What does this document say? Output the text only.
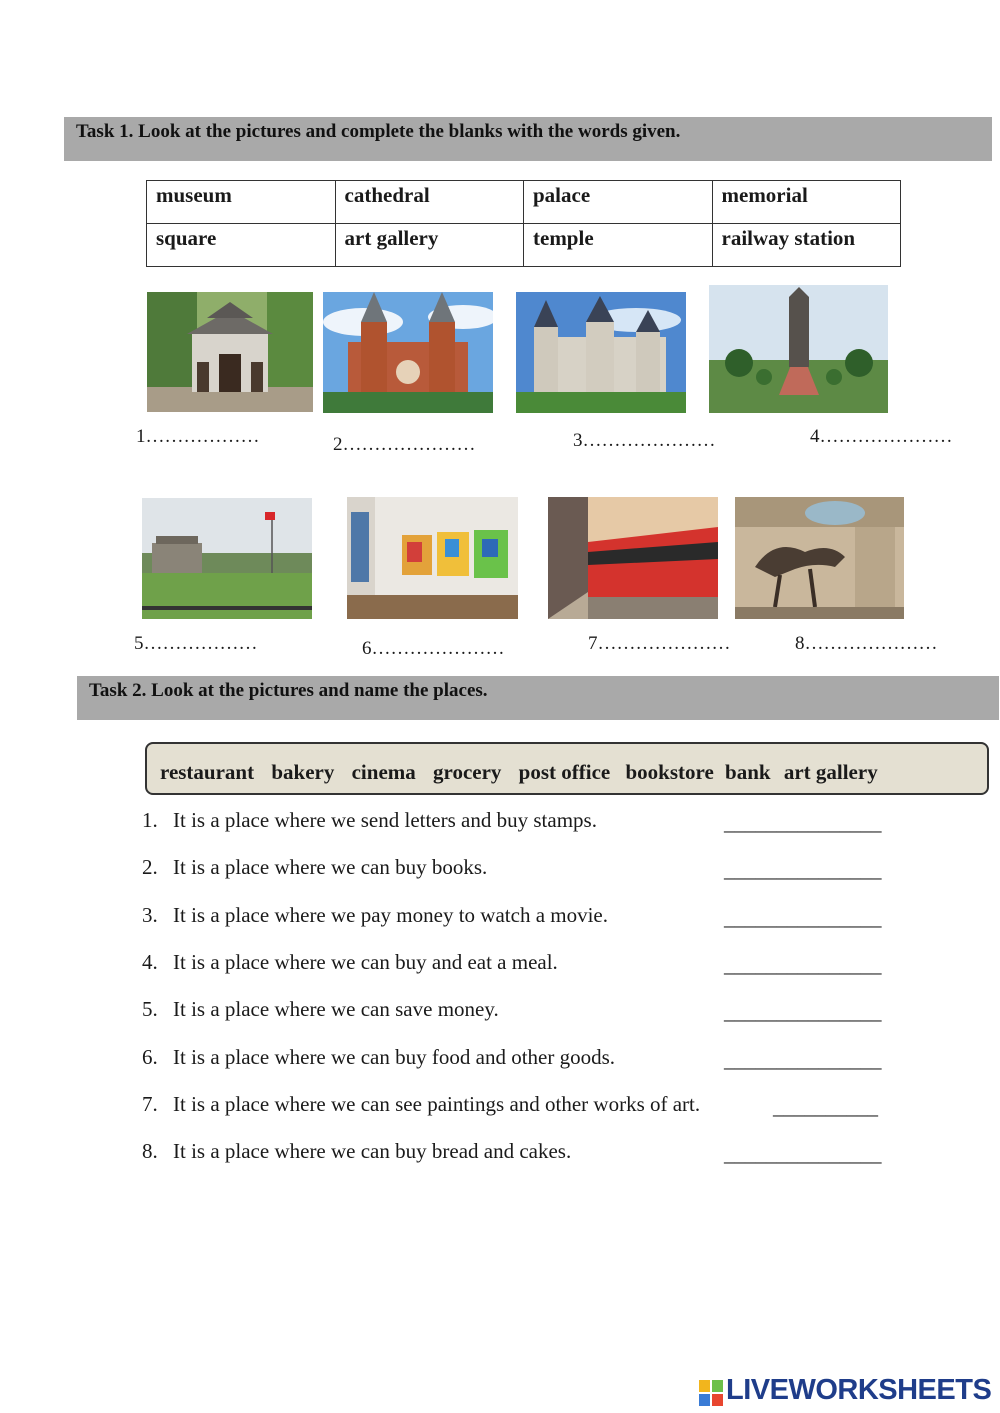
Task 1. Look at the pictures and complete the blanks with the words given.
museum	cathedral	palace	memorial
square	art gallery	temple	railway station
1………………	2…………………	3…………………	4…………………
5………………	6…………………	7…………………	8…………………
Task 2. Look at the pictures and name the places.
restaurant bakery cinema grocery post office bookstore bank art gallery
1. It is a place where we send letters and buy stamps.	_______________
2. It is a place where we can buy books.	_______________
3. It is a place where we pay money to watch a movie.	_______________
4. It is a place where we can buy and eat a meal.	_______________
5. It is a place where we can save money.	_______________
6. It is a place where we can buy food and other goods.	_______________
7. It is a place where we can see paintings and other works of art.	__________
8. It is a place where we can buy bread and cakes.	_______________
LIVEWORKSHEETS
